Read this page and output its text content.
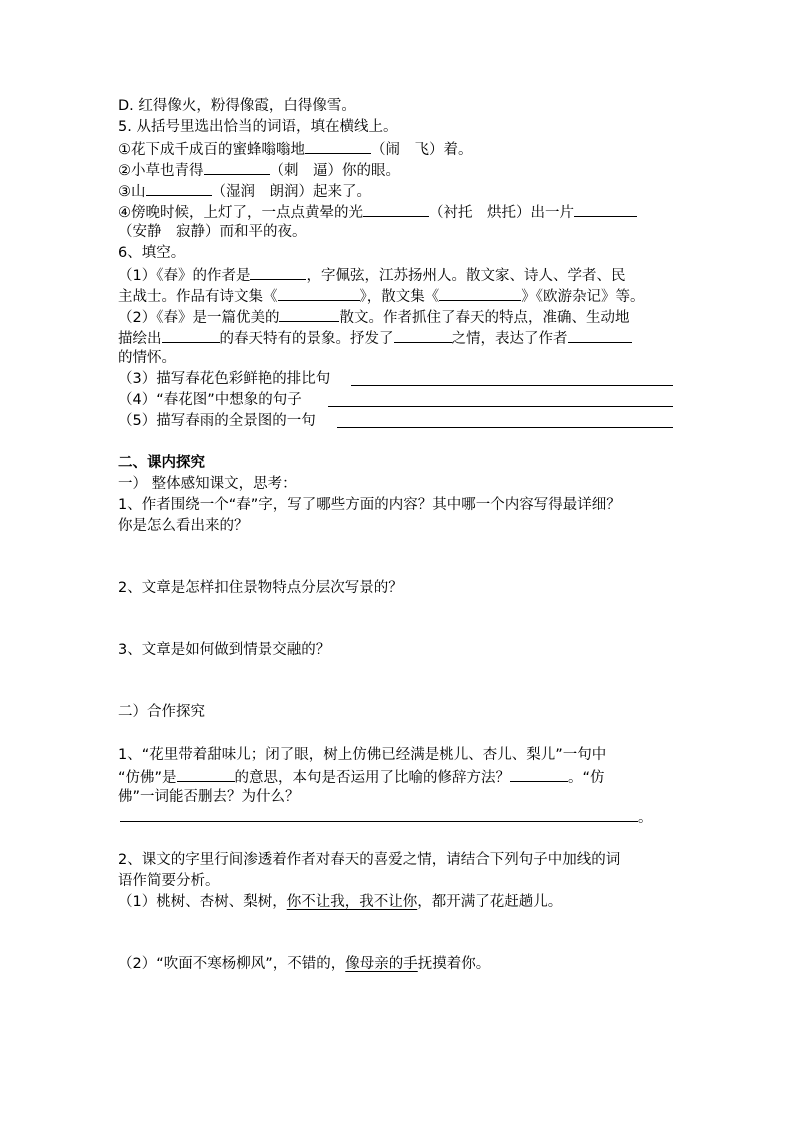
D. 红得像火，粉得像霞，白得像雪。
5. 从括号里选出恰当的词语，填在横线上。
①花下成千成百的蜜蜂嗡嗡地	（闹　飞）着。
②小草也青得	（刺　逼）你的眼。
③山	（湿润　朗润）起来了。
④傍晚时候，上灯了，一点点黄晕的光	（衬托　烘托）出一片
（安静　寂静）而和平的夜。
6、填空。
（1）《春》的作者是	，字佩弦，江苏扬州人。散文家、诗人、学者、民
主战士。作品有诗文集《	》，散文集《	》《欧游杂记》等。
（2）《春》是一篇优美的	散文。作者抓住了春天的特点，准确、生动地
描绘出	的春天特有的景象。抒发了	之情，表达了作者
的情怀。
（3）描写春花色彩鲜艳的排比句
（4）“春花图”中想象的句子
（5）描写春雨的全景图的一句
二、课内探究
一） 整体感知课文，思考：
1、作者围绕一个“春”字，写了哪些方面的内容？其中哪一个内容写得最详细？
你是怎么看出来的？
2、文章是怎样扣住景物特点分层次写景的？
3、文章是如何做到情景交融的？
二）合作探究
1、“花里带着甜味儿；闭了眼，树上仿佛已经满是桃儿、杏儿、梨儿”一句中
“仿佛”是	的意思，本句是否运用了比喻的修辞方法？	。“仿
佛”一词能否删去？为什么？
。
2、课文的字里行间渗透着作者对春天的喜爱之情，请结合下列句子中加线的词
语作简要分析。
（1）桃树、杏树、梨树，你不让我，我不让你，都开满了花赶趟儿。
（2）“吹面不寒杨柳风”，不错的，像母亲的手抚摸着你。
